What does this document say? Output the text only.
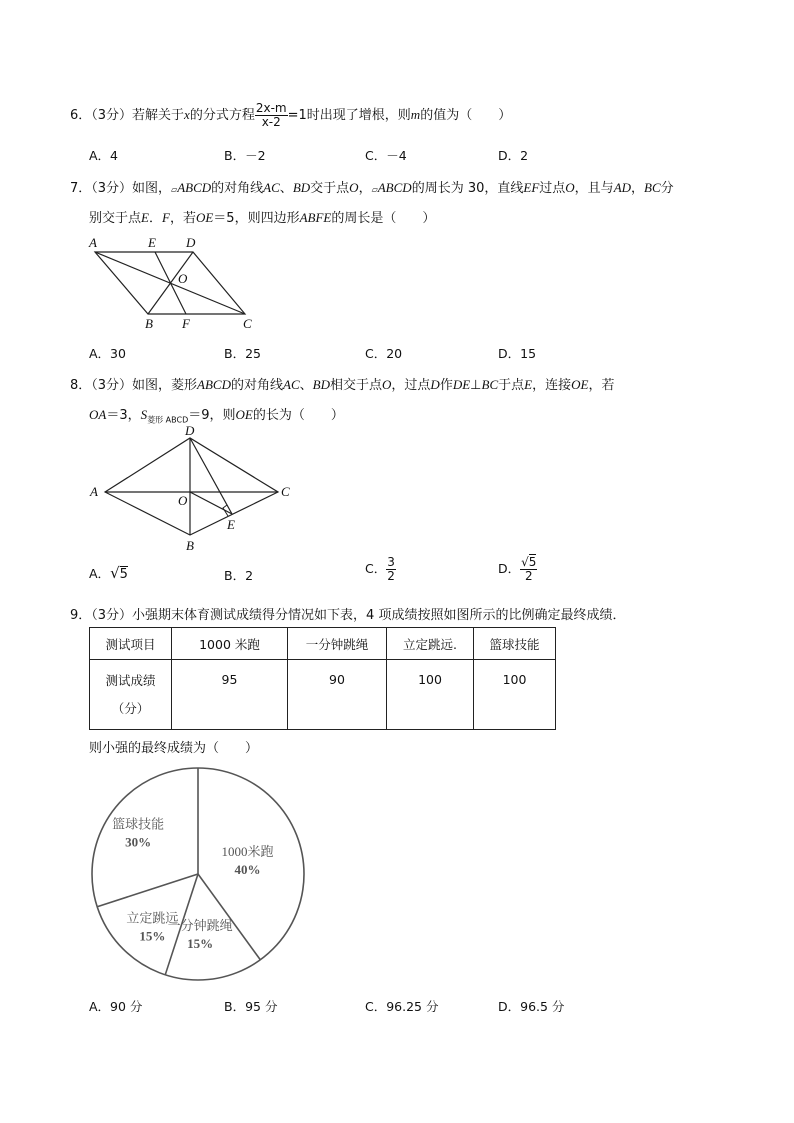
6．（3分）若解关于x的分式方程 $\frac{2x-m}{x-2} =1$时出现了增根，则m的值为（　　）
A．4	B．－2	C．－4	D．2
7．（3分）如图，▱ABCD的对角线AC、BD交于点O，▱ABCD的周长为 30，直线EF过点O，且与AD，BC分
别交于点E．F，若OE＝5，则四边形ABFE的周长是（　　）
A	E D
O
B F	C
A．30	B．25	C．20	D．15
8．（3分）如图，菱形ABCD的对角线AC、BD相交于点O，过点D作DE⊥BC于点E，连接OE，若
OA＝3，$S_{菱形 ABCD}=9$，则OE的长为（　　）
A
D
C
O
E
B
A．√5	B．2	C． $\frac{3}{2}$	D． $\frac{√5}{2}$
9．（3分）小强期末体育测试成绩得分情况如下表，4 项成绩按照如图所示的比例确定最终成绩．
测试项目	1000 米跑	一分钟跳绳	立定跳远.	篮球技能

测试成绩
（分）	95	90	100	100
则小强的最终成绩为（　　）
1000米跑
40%
一分钟跳绳
15%
立定跳远
15%
篮球技能
30%
A．90 分	B．95 分	C．96.25 分	D．96.5 分
